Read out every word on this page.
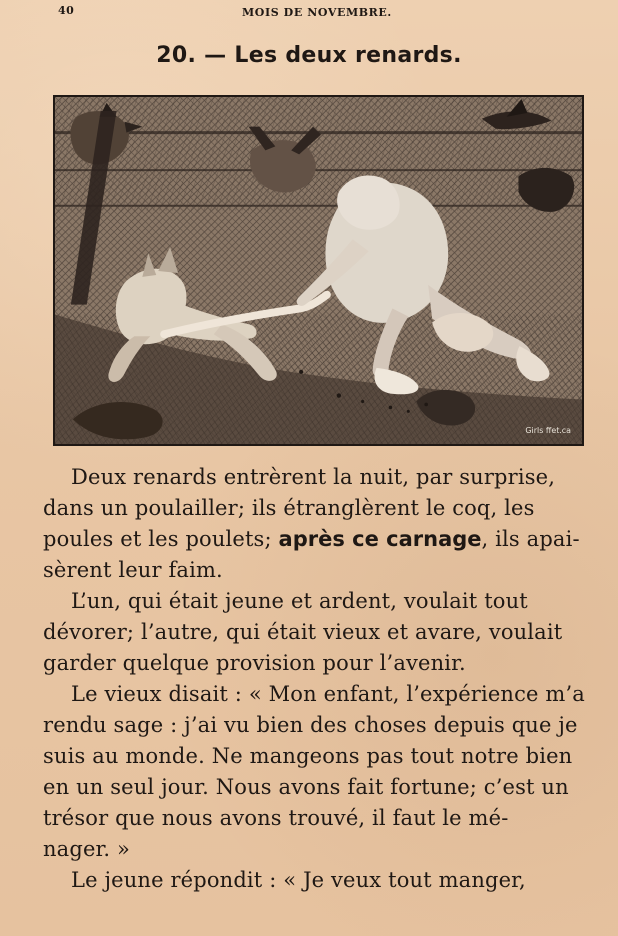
40	MOIS DE NOVEMBRE.
20. — Les deux renards.
Girls ffet.ca
Deux renards entrèrent la nuit, par surprise,
dans un poulailler; ils étranglèrent le coq, les
poules et les poulets; après ce carnage, ils apai-
sèrent leur faim.
L’un, qui était jeune et ardent, voulait tout
dévorer; l’autre, qui était vieux et avare, voulait
garder quelque provision pour l’avenir.
Le vieux disait : « Mon enfant, l’expérience m’a
rendu sage : j’ai vu bien des choses depuis que je
suis au monde. Ne mangeons pas tout notre bien
en un seul jour. Nous avons fait fortune; c’est un
trésor que nous avons trouvé, il faut le mé-
nager. »
Le jeune répondit : « Je veux tout manger,
